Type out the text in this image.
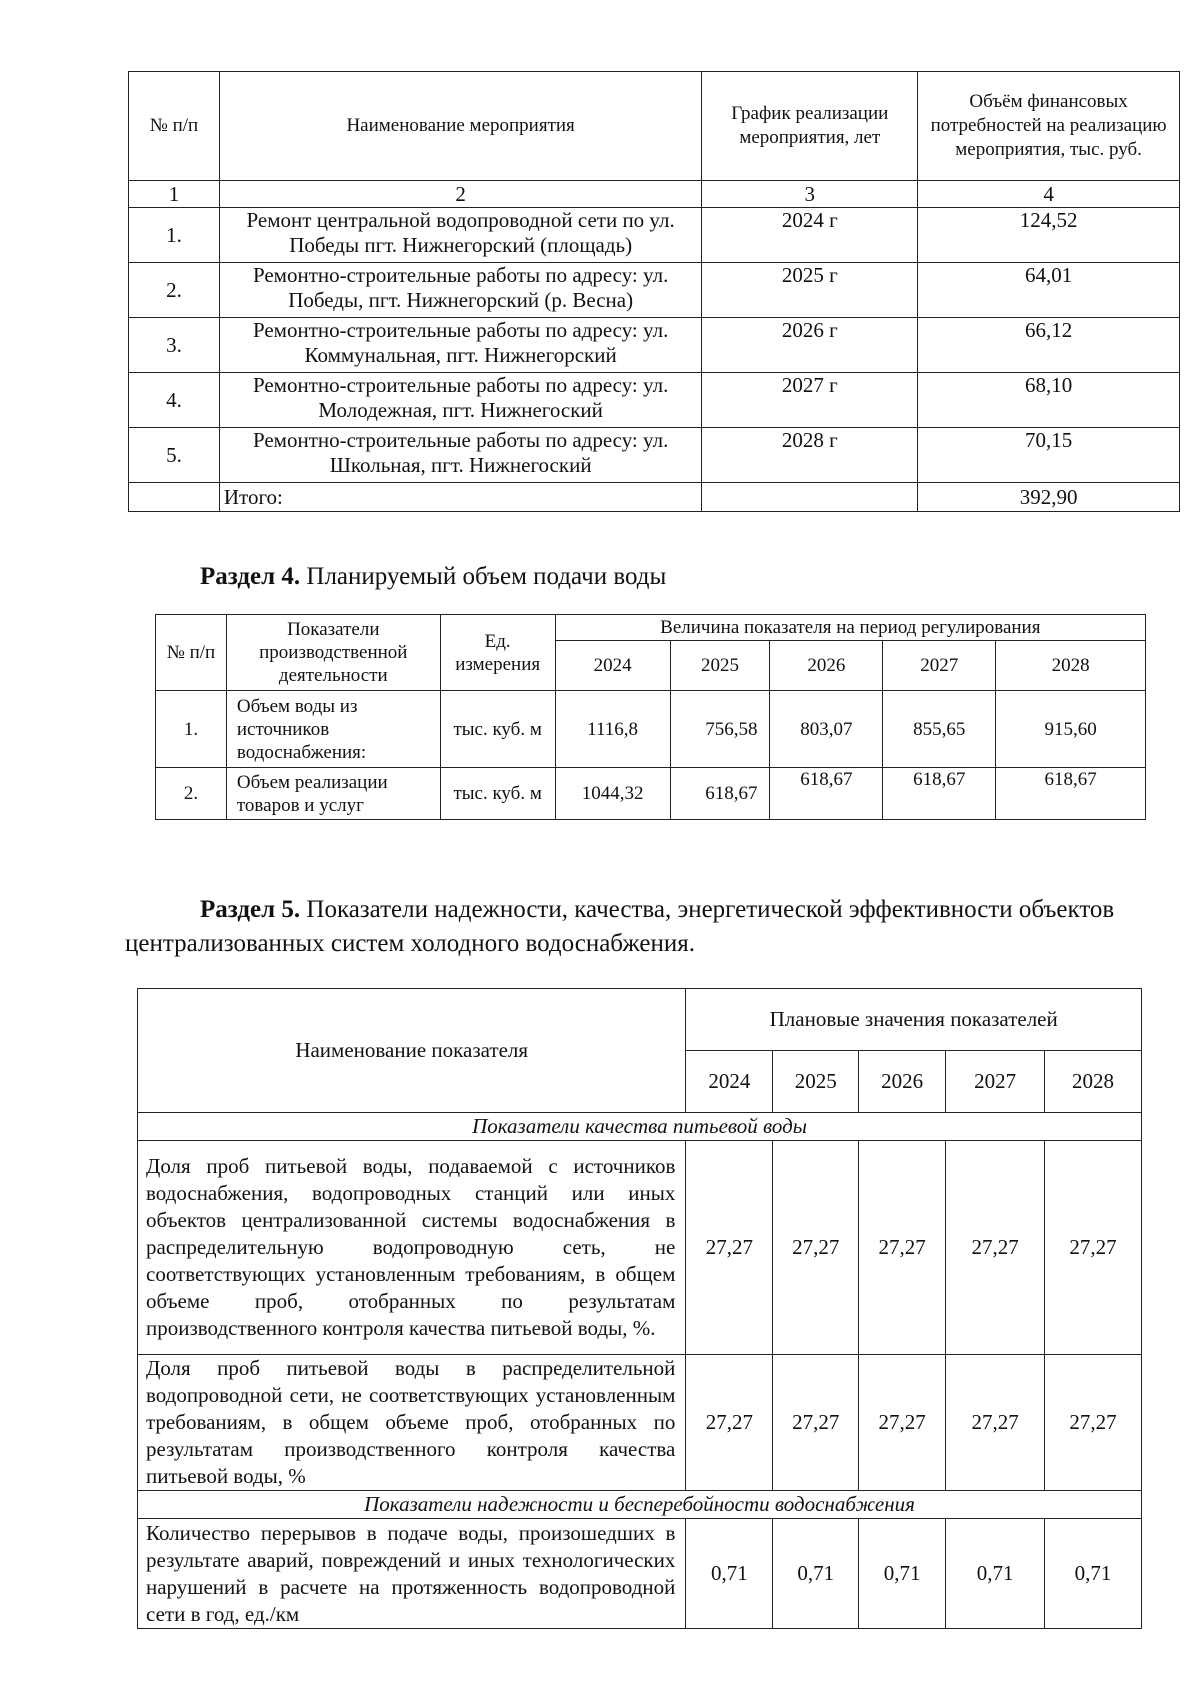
№ п/п	Наименование мероприятия	График реализации мероприятия, лет	Объём финансовых потребностей на реализацию мероприятия, тыс. руб.
1	2	3	4
1.	Ремонт центральной водопроводной сети по ул. Победы пгт. Нижнегорский (площадь)	2024 г	124,52
2.	Ремонтно-строительные работы по адресу: ул. Победы, пгт. Нижнегорский (р. Весна)	2025 г	64,01
3.	Ремонтно-строительные работы по адресу: ул. Коммунальная, пгт. Нижнегорский	2026 г	66,12
4.	Ремонтно-строительные работы по адресу: ул. Молодежная, пгт. Нижнегоский	2027 г	68,10
5.	Ремонтно-строительные работы по адресу: ул. Школьная, пгт. Нижнегоский	2028 г	70,15
	Итого:		392,90
Раздел 4. Планируемый объем подачи воды
№ п/п	Показатели производственной деятельности	Ед. измерения	Величина показателя на период регулирования				
			2024	2025	2026	2027	2028
1.	Объем воды из источников водоснабжения:	тыс. куб. м	1116,8	756,58	803,07	855,65	915,60
2.	Объем реализации товаров и услуг	тыс. куб. м	1044,32	618,67	618,67	618,67	618,67
Раздел 5. Показатели надежности, качества, энергетической эффективности объектов централизованных систем холодного водоснабжения.
Наименование показателя	Плановые значения показателей				
	2024	2025	2026	2027	2028
Показатели качества питьевой воды					
Доля проб питьевой воды, подаваемой с источников водоснабжения, водопроводных станций или иных объектов централизованной системы водоснабжения в распределительную водопроводную сеть, не соответствующих установленным требованиям, в общем объеме проб, отобранных по результатам производственного контроля качества питьевой воды, %.	27,27	27,27	27,27	27,27	27,27
Доля проб питьевой воды в распределительной водопроводной сети, не соответствующих установленным требованиям, в общем объеме проб, отобранных по результатам производственного контроля качества питьевой воды, %	27,27	27,27	27,27	27,27	27,27
Показатели надежности и бесперебойности водоснабжения					
Количество перерывов в подаче воды, произошедших в результате аварий, повреждений и иных технологических нарушений в расчете на протяженность водопроводной сети в год, ед./км	0,71	0,71	0,71	0,71	0,71
